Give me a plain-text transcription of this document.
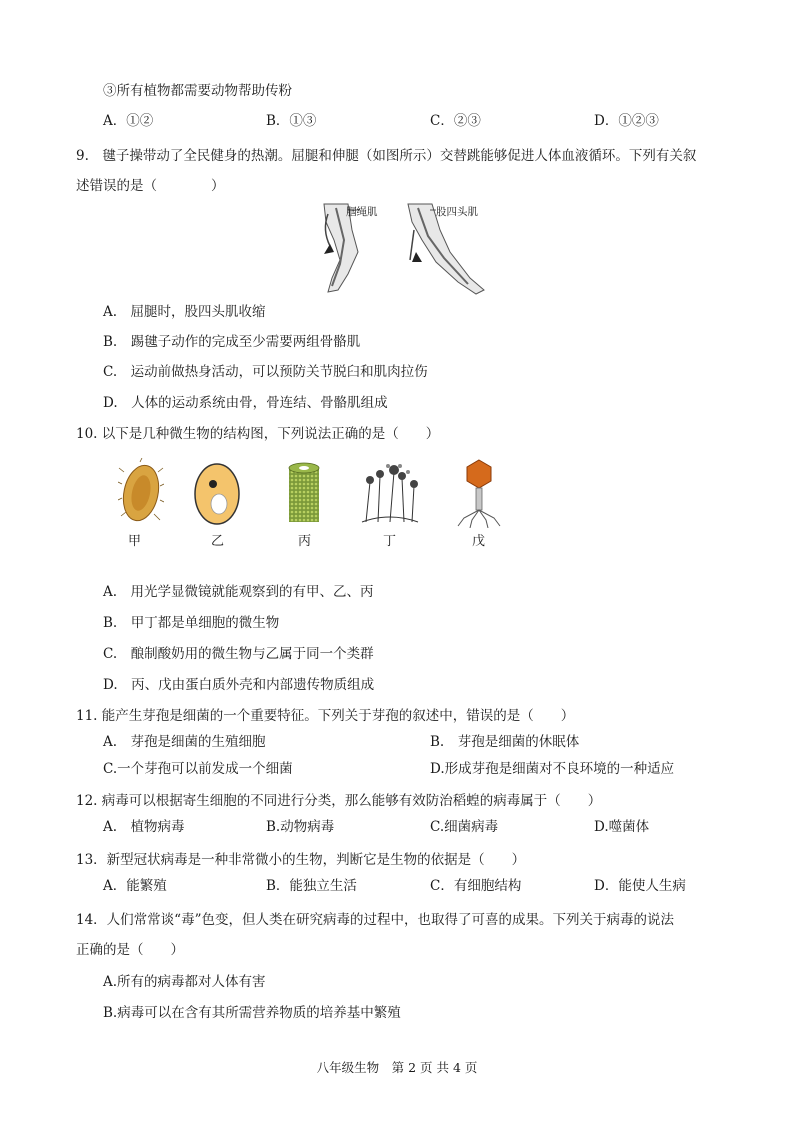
③所有植物都需要动物帮助传粉
A．①②	B．①③	C．②③	D．①②③
9.　毽子操带动了全民健身的热潮。屈腿和伸腿（如图所示）交替跳能够促进人体血液循环。下列有关叙
述错误的是（　　　　）
腘绳肌	股四头肌
A.　屈腿时，股四头肌收缩
B.　踢毽子动作的完成至少需要两组骨骼肌
C.　运动前做热身活动，可以预防关节脱臼和肌肉拉伤
D.　人体的运动系统由骨，骨连结、骨骼肌组成
10. 以下是几种微生物的结构图，下列说法正确的是（　　）
甲	乙	丙	丁	戊
A.　用光学显微镜就能观察到的有甲、乙、丙
B.　甲丁都是单细胞的微生物
C.　酿制酸奶用的微生物与乙属于同一个类群
D.　丙、戊由蛋白质外壳和内部遗传物质组成
11. 能产生芽孢是细菌的一个重要特征。下列关于芽孢的叙述中，错误的是（　　）
A.　芽孢是细菌的生殖细胞	B.　芽孢是细菌的休眠体
C.一个芽孢可以前发成一个细菌	D.形成芽孢是细菌对不良环境的一种适应
12. 病毒可以根据寄生细胞的不同进行分类，那么能够有效防治稻蝗的病毒属于（　　）
A.　植物病毒	B.动物病毒	C.细菌病毒	D.噬菌体
13．新型冠状病毒是一种非常微小的生物，判断它是生物的依据是（　　）
A．能繁殖	B．能独立生活	C．有细胞结构	D．能使人生病
14．人们常常谈“毒”色变，但人类在研究病毒的过程中，也取得了可喜的成果。下列关于病毒的说法
正确的是（　　）
A.所有的病毒都对人体有害
B.病毒可以在含有其所需营养物质的培养基中繁殖
八年级生物　第 2 页 共 4 页
